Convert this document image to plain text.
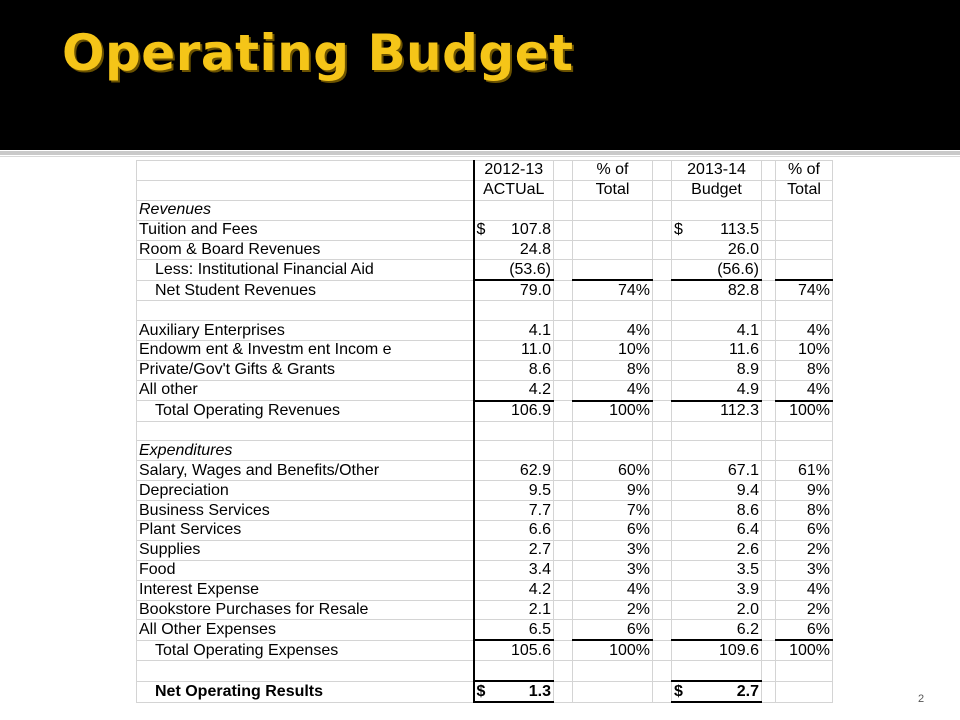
Operating Budget
	2012-13		% of		2013-14		% of
	ACTUaL		Total		Budget		Total
Revenues							
Tuition and Fees	$ 107.8				$ 113.5		
Room & Board Revenues	24.8				26.0		
Less: Institutional Financial Aid	(53.6)				(56.6)		
Net Student Revenues	79.0		74%		82.8		74%

Auxiliary Enterprises	4.1		4%		4.1		4%
Endowm ent & Investm ent Incom e	11.0		10%		11.6		10%
Private/Gov't Gifts & Grants	8.6		8%		8.9		8%
All other	4.2		4%		4.9		4%
Total Operating Revenues	106.9		100%		112.3		100%

Expenditures							
Salary, Wages and Benefits/Other	62.9		60%		67.1		61%
Depreciation	9.5		9%		9.4		9%
Business Services	7.7		7%		8.6		8%
Plant Services	6.6		6%		6.4		6%
Supplies	2.7		3%		2.6		2%
Food	3.4		3%		3.5		3%
Interest Expense	4.2		4%		3.9		4%
Bookstore Purchases for Resale	2.1		2%		2.0		2%
All Other Expenses	6.5		6%		6.2		6%
Total Operating Expenses	105.6		100%		109.6		100%

Net Operating Results	$ 1.3				$ 2.7			2
